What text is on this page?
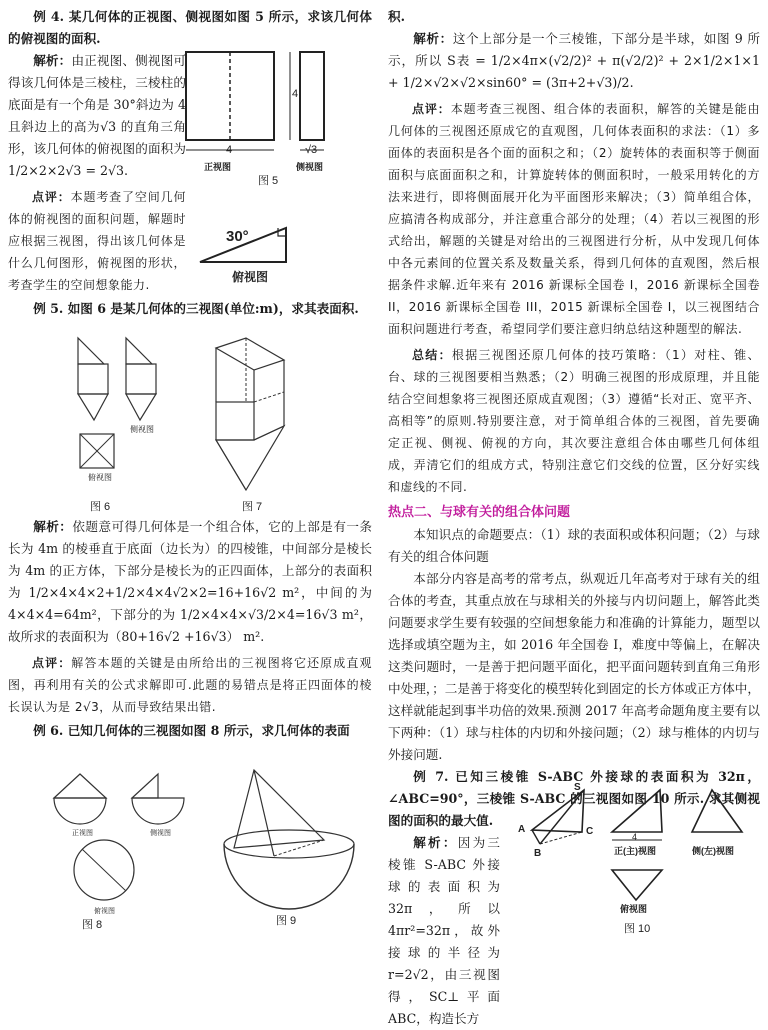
例 4. 某几何体的正视图、侧视图如图 5 所示，求该几何体的俯视图的面积.

解析：由正视图、侧视图可得该几何体是三棱柱，三棱柱的底面是有一个角是 30°斜边为 4 且斜边上的高为√3 的直角三角形，该几何体的俯视图的面积为 1/2×2×2√3 = 2√3.

点评：本题考查了空间几何体的俯视图的面积问题，解题时应根据三视图，得出该几何体是什么几何图形，俯视图的形状，考查学生的空间想象能力.

例 5. 如图 6 是某几何体的三视图(单位:m)，求其表面积.

4
4
√3
正视图	侧视图
图 5
30°
俯视图
侧视图
俯视图
图 6	图 7

解析：依题意可得几何体是一个组合体，它的上部是有一条长为 4m 的棱垂直于底面（边长为）的四棱锥，中间部分是棱长为 4m 的正方体，下部分是棱长为的正四面体，上部分的表面积为 1/2×4×4×2+1/2×4×4√2×2=16+16√2 m²，中间的为 4×4×4=64m²，下部分的为 1/2×4×4×√3/2×4=16√3 m²，故所求的表面积为（80+16√2 +16√3） m².

点评：解答本题的关键是由所给出的三视图将它还原成直观图，再利用有关的公式求解即可.此题的易错点是将正四面体的棱长误认为是 2√3，从而导致结果出错.

例 6. 已知几何体的三视图如图 8 所示，求几何体的表面

正视图	侧视图
俯视图
图 8	图 9

积.

解析：这个上部分是一个三棱锥，下部分是半球，如图 9 所示，所以 S表 = 1/2×4π×(√2/2)² + π(√2/2)² + 2×1/2×1×1 + 1/2×√2×√2×sin60° = (3π+2+√3)/2.

点评：本题考查三视图、组合体的表面积，解答的关键是能由几何体的三视图还原成它的直观图，几何体表面积的求法：（1）多面体的表面积是各个面的面积之和；（2）旋转体的表面积等于侧面面积与底面面积之和，计算旋转体的侧面积时，一般采用转化的方法来进行，即将侧面展开化为平面图形来解决；（3）简单组合体，应搞清各构成部分，并注意重合部分的处理；（4）若以三视图的形式给出，解题的关键是对给出的三视图进行分析，从中发现几何体中各元素间的位置关系及数量关系，得到几何体的直观图，然后根据条件求解.近年来有 2016 新课标全国卷 I，2016 新课标全国卷 II，2016 新课标全国卷 III，2015 新课标全国卷 I，以三视图结合面积问题进行考查，希望同学们要注意归纳总结这种题型的解法.

总结：根据三视图还原几何体的技巧策略：（1）对柱、锥、台、球的三视图要相当熟悉；（2）明确三视图的形成原理，并且能结合空间想象将三视图还原成直观图；（3）遵循“长对正、宽平齐、高相等”的原则.特别要注意，对于简单组合体的三视图，首先要确定正视、侧视、俯视的方向，其次要注意组合体由哪些几何体组成，弄清它们的组成方式，特别注意它们交线的位置，区分好实线和虚线的不同.

热点二、与球有关的组合体问题

本知识点的命题要点：（1）球的表面积或体积问题；（2）与球有关的组合体问题

本部分内容是高考的常考点，纵观近几年高考对于球有关的组合体的考查，其重点放在与球相关的外接与内切问题上，解答此类问题要求学生要有较强的空间想象能力和准确的计算能力，题型以选择或填空题为主，如 2016 年全国卷 I，难度中等偏上，在解决这类问题时，一是善于把问题平面化，把平面问题转到直角三角形中处理，；二是善于将变化的模型转化到固定的长方体或正方体中，这样就能起到事半功倍的效果.预测 2017 年高考命题角度主要有以下两种：（1）球与柱体的内切和外接问题；（2）球与椎体的内切与外接问题.

例 7. 已知三棱锥 S-ABC 外接球的表面积为 32π，∠ABC=90°，三棱锥 S-ABC 的三视图如图 10 所示. 求其侧视图的面积的最大值.

解析：因为三棱锥 S-ABC 外接球的表面积为 32π，所以 4πr²=32π，故外接球的半径为 r=2√2，由三视图得，SC⊥平面 ABC，构造长方

A	C
B
S
4
正(主)视图	侧(左)视图
俯视图
图 10
